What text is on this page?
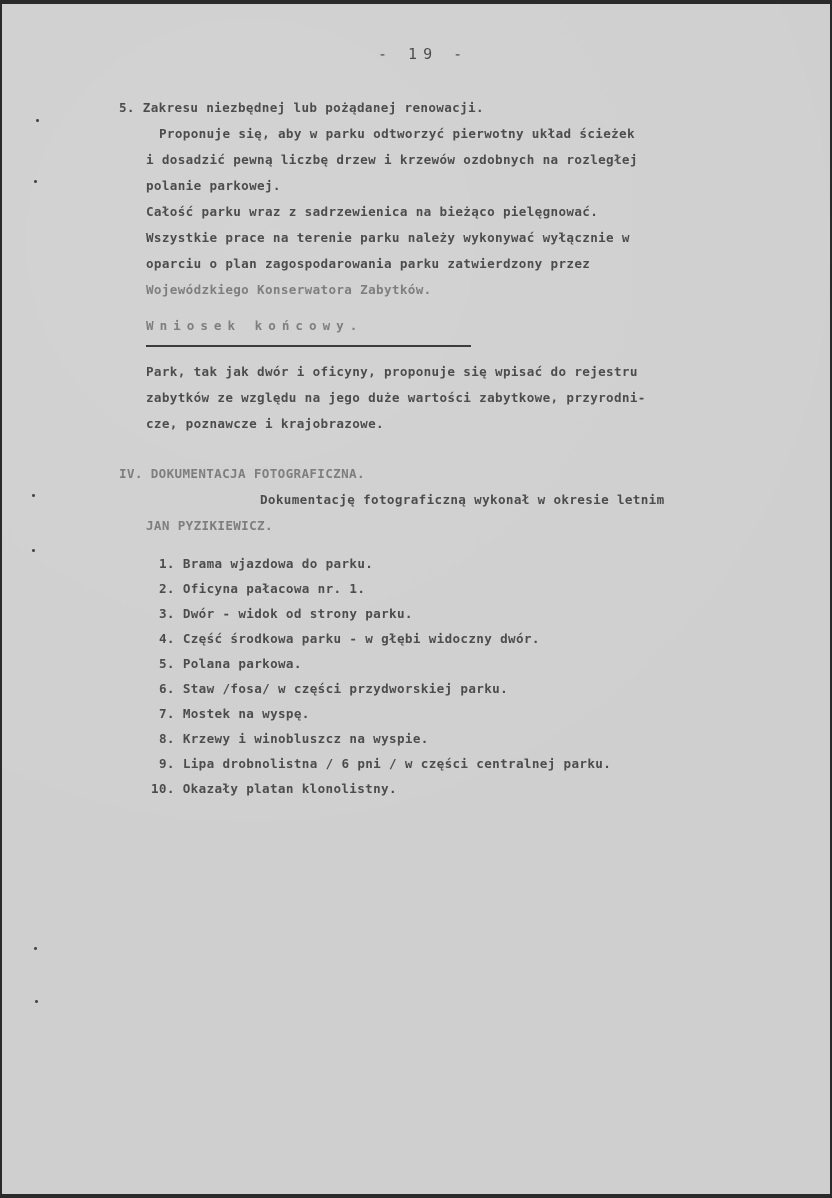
- 19 -
5. Zakresu niezbędnej lub pożądanej renowacji.
Proponuje się, aby w parku odtworzyć pierwotny układ ścieżek
i dosadzić pewną liczbę drzew i krzewów ozdobnych na rozległej
polanie parkowej.
Całość parku wraz z sadrzewienica na bieżąco pielęgnować.
Wszystkie prace na terenie parku należy wykonywać wyłącznie w
oparciu o plan zagospodarowania parku zatwierdzony przez
Wojewódzkiego Konserwatora Zabytków.
Wniosek końcowy.
Park, tak jak dwór i oficyny, proponuje się wpisać do rejestru
zabytków ze względu na jego duże wartości zabytkowe, przyrodni-
cze, poznawcze i krajobrazowe.
IV. DOKUMENTACJA FOTOGRAFICZNA.
Dokumentację fotograficzną wykonał w okresie letnim
JAN PYZIKIEWICZ.
1. Brama wjazdowa do parku.
2. Oficyna pałacowa nr. 1.
3. Dwór - widok od strony parku.
4. Część środkowa parku - w głębi widoczny dwór.
5. Polana parkowa.
6. Staw /fosa/ w części przydworskiej parku.
7. Mostek na wyspę.
8. Krzewy i winobluszcz na wyspie.
9. Lipa drobnolistna / 6 pni / w części centralnej parku.
10. Okazały platan klonolistny.
